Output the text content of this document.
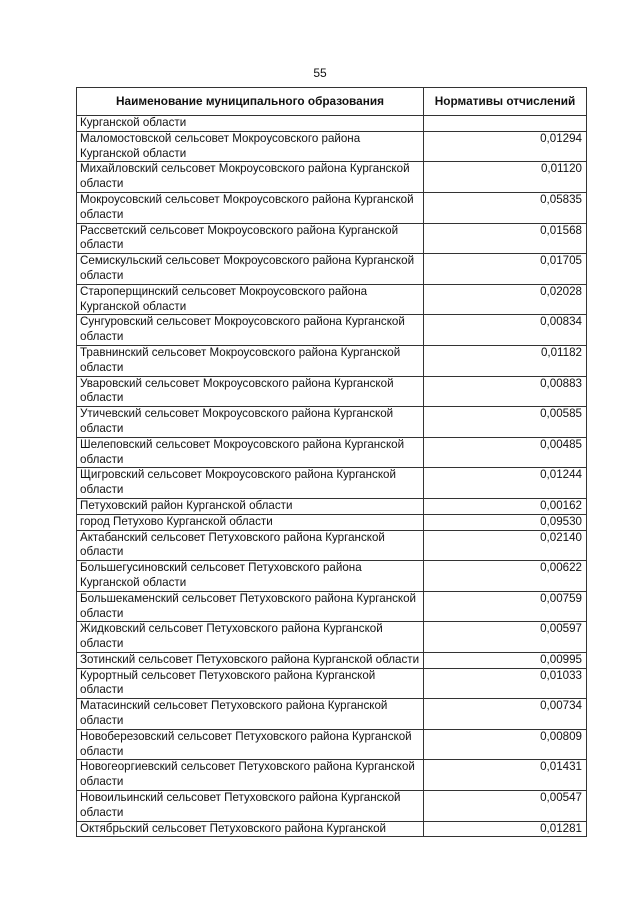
55
Наименование муниципального образования	Нормативы отчислений
Курганской области	
Маломостовской сельсовет Мокроусовского района Курганской области	0,01294
Михайловский сельсовет Мокроусовского района Курганской области	0,01120
Мокроусовский сельсовет Мокроусовского района Курганской области	0,05835
Рассветский сельсовет Мокроусовского района Курганской области	0,01568
Семискульский сельсовет Мокроусовского района Курганской области	0,01705
Староперщинский сельсовет Мокроусовского района Курганской области	0,02028
Сунгуровский сельсовет Мокроусовского района Курганской области	0,00834
Травнинский сельсовет Мокроусовского района Курганской области	0,01182
Уваровский сельсовет Мокроусовского района Курганской области	0,00883
Утичевский сельсовет Мокроусовского района Курганской области	0,00585
Шелеповский сельсовет Мокроусовского района Курганской области	0,00485
Щигровский сельсовет Мокроусовского района Курганской области	0,01244
Петуховский район Курганской области	0,00162
город Петухово Курганской области	0,09530
Актабанский сельсовет Петуховского района Курганской области	0,02140
Большегусиновский сельсовет Петуховского района Курганской области	0,00622
Большекаменский сельсовет Петуховского района Курганской области	0,00759
Жидковский сельсовет Петуховского района Курганской области	0,00597
Зотинский сельсовет Петуховского района Курганской области	0,00995
Курортный сельсовет Петуховского района Курганской области	0,01033
Матасинский сельсовет Петуховского района Курганской области	0,00734
Новоберезовский сельсовет Петуховского района Курганской области	0,00809
Новогеоргиевский сельсовет Петуховского района Курганской области	0,01431
Новоильинский сельсовет Петуховского района Курганской области	0,00547
Октябрьский сельсовет Петуховского района Курганской	0,01281
